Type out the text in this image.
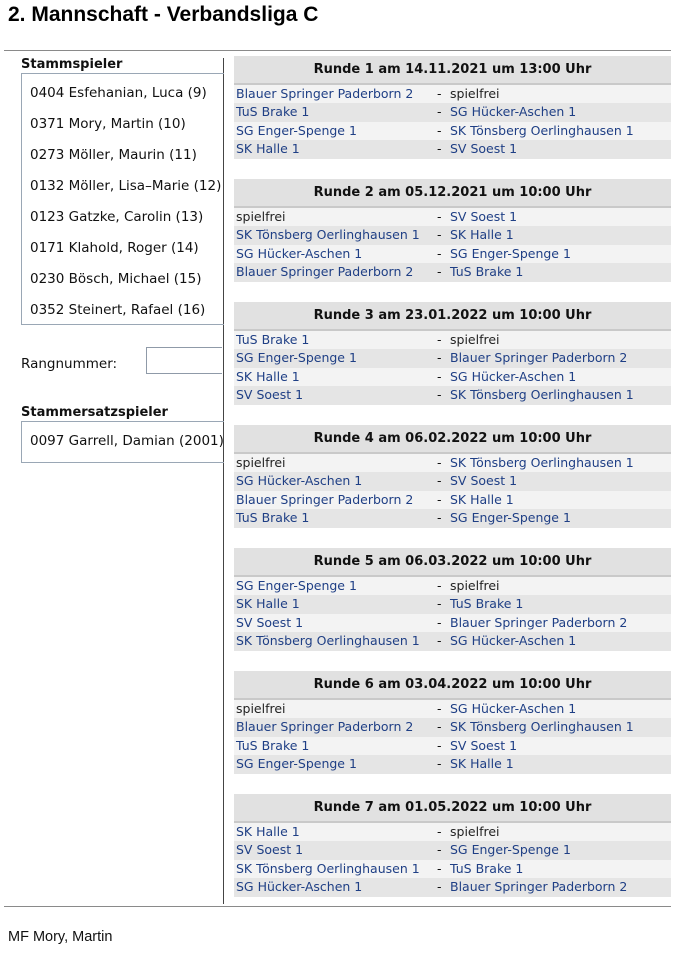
2. Mannschaft - Verbandsliga C
Stammspieler
0404 Esfehanian, Luca (9)
0371 Mory, Martin (10)
0273 Möller, Maurin (11)
0132 Möller, Lisa–Marie (12)
0123 Gatzke, Carolin (13)
0171 Klahold, Roger (14)
0230 Bösch, Michael (15)
0352 Steinert, Rafael (16)
Rangnummer:
Stammersatzspieler
0097 Garrell, Damian (2001)
Runde 1 am 14.11.2021 um 13:00 Uhr
Blauer Springer Paderborn 2 - spielfrei
TuS Brake 1	- SG Hücker-Aschen 1
SG Enger-Spenge 1	- SK Tönsberg Oerlinghausen 1
SK Halle 1	- SV Soest 1
Runde 2 am 05.12.2021 um 10:00 Uhr
spielfrei	- SV Soest 1
SK Tönsberg Oerlinghausen 1 - SK Halle 1
SG Hücker-Aschen 1	- SG Enger-Spenge 1
Blauer Springer Paderborn 2 - TuS Brake 1
Runde 3 am 23.01.2022 um 10:00 Uhr
TuS Brake 1	- spielfrei
SG Enger-Spenge 1	- Blauer Springer Paderborn 2
SK Halle 1	- SG Hücker-Aschen 1
SV Soest 1	- SK Tönsberg Oerlinghausen 1
Runde 4 am 06.02.2022 um 10:00 Uhr
spielfrei	- SK Tönsberg Oerlinghausen 1
SG Hücker-Aschen 1	- SV Soest 1
Blauer Springer Paderborn 2 - SK Halle 1
TuS Brake 1	- SG Enger-Spenge 1
Runde 5 am 06.03.2022 um 10:00 Uhr
SG Enger-Spenge 1	- spielfrei
SK Halle 1	- TuS Brake 1
SV Soest 1	- Blauer Springer Paderborn 2
SK Tönsberg Oerlinghausen 1 - SG Hücker-Aschen 1
Runde 6 am 03.04.2022 um 10:00 Uhr
spielfrei	- SG Hücker-Aschen 1
Blauer Springer Paderborn 2 - SK Tönsberg Oerlinghausen 1
TuS Brake 1	- SV Soest 1
SG Enger-Spenge 1	- SK Halle 1
Runde 7 am 01.05.2022 um 10:00 Uhr
SK Halle 1	- spielfrei
SV Soest 1	- SG Enger-Spenge 1
SK Tönsberg Oerlinghausen 1 - TuS Brake 1
SG Hücker-Aschen 1	- Blauer Springer Paderborn 2
MF Mory, Martin
